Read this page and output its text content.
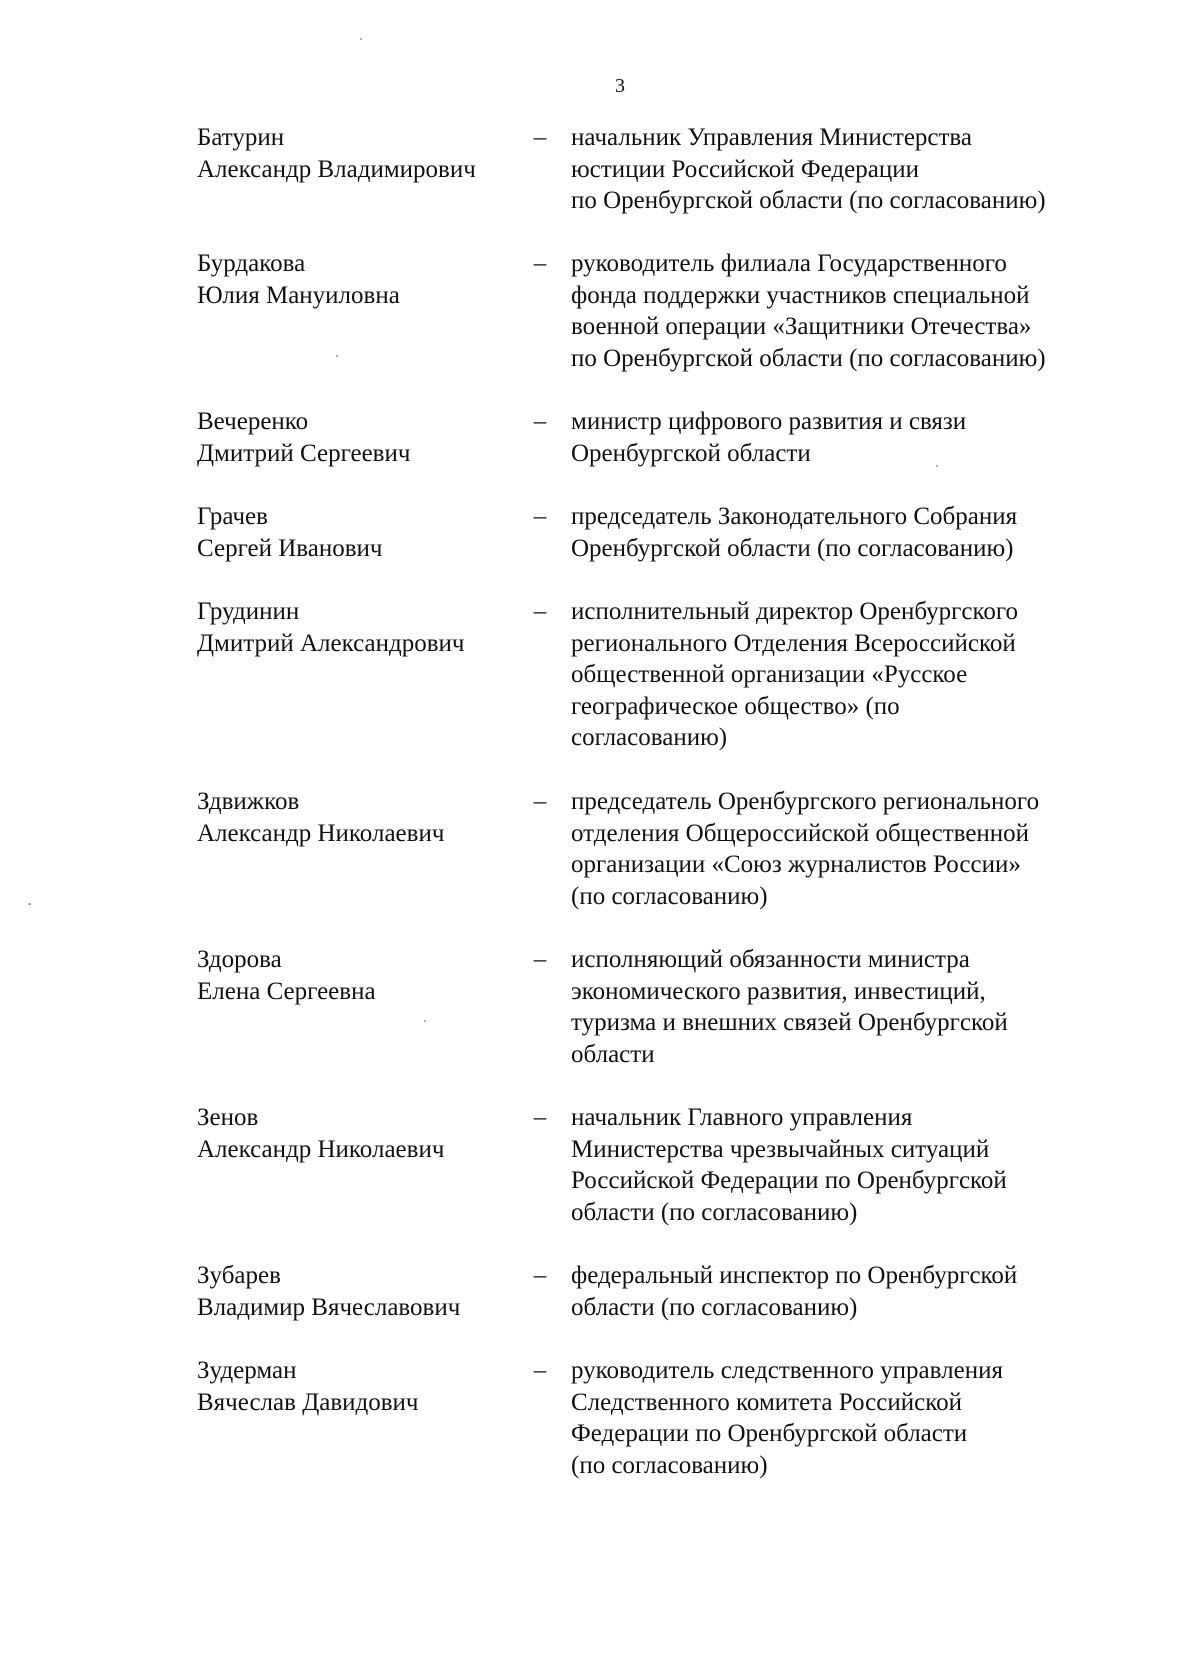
3
Батурин
Александр Владимирович
– начальник Управления Министерства
юстиции Российской Федерации
по Оренбургской области (по согласованию)
Бурдакова
Юлия Мануиловна
– руководитель филиала Государственного
фонда поддержки участников специальной
военной операции «Защитники Отечества»
по Оренбургской области (по согласованию)
Вечеренко
Дмитрий Сергеевич
– министр цифрового развития и связи
Оренбургской области
Грачев
Сергей Иванович
– председатель Законодательного Собрания
Оренбургской области (по согласованию)
Грудинин
Дмитрий Александрович
– исполнительный директор Оренбургского
регионального Отделения Всероссийской
общественной организации «Русское
географическое общество» (по
согласованию)
Здвижков
Александр Николаевич
– председатель Оренбургского регионального
отделения Общероссийской общественной
организации «Союз журналистов России»
(по согласованию)
Здорова
Елена Сергеевна
– исполняющий обязанности министра
экономического развития, инвестиций,
туризма и внешних связей Оренбургской
области
Зенов
Александр Николаевич
– начальник Главного управления
Министерства чрезвычайных ситуаций
Российской Федерации по Оренбургской
области (по согласованию)
Зубарев
Владимир Вячеславович
– федеральный инспектор по Оренбургской
области (по согласованию)
Зудерман
Вячеслав Давидович
– руководитель следственного управления
Следственного комитета Российской
Федерации по Оренбургской области
(по согласованию)
